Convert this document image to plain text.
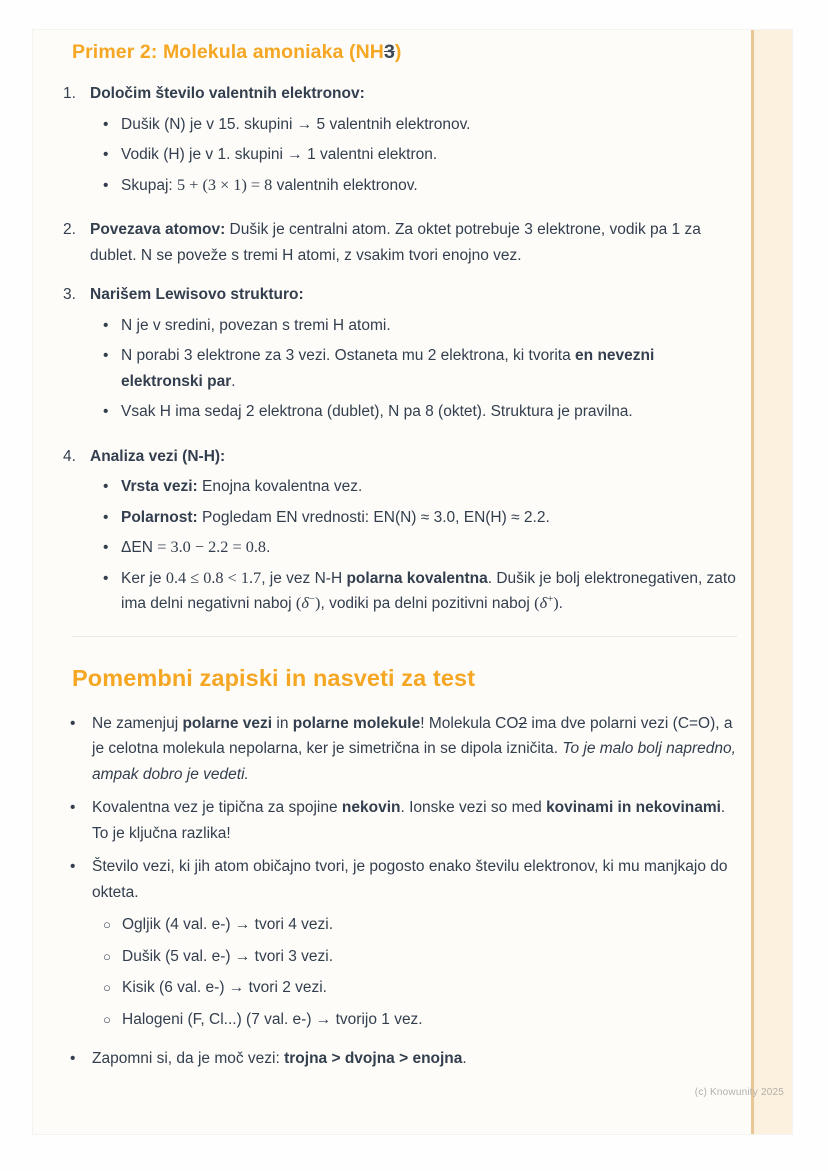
Primer 2: Molekula amoniaka (NH3)
1. Določim število valentnih elektronov:
• Dušik (N) je v 15. skupini → 5 valentnih elektronov.
• Vodik (H) je v 1. skupini → 1 valentni elektron.
• Skupaj: 5 + (3 × 1) = 8 valentnih elektronov.
2. Povezava atomov: Dušik je centralni atom. Za oktet potrebuje 3 elektrone, vodik pa 1 za dublet. N se poveže s tremi H atomi, z vsakim tvori enojno vez.
3. Narišem Lewisovo strukturo:
• N je v sredini, povezan s tremi H atomi.
• N porabi 3 elektrone za 3 vezi. Ostaneta mu 2 elektrona, ki tvorita en nevezni elektronski par.
• Vsak H ima sedaj 2 elektrona (dublet), N pa 8 (oktet). Struktura je pravilna.
4. Analiza vezi (N-H):
• Vrsta vezi: Enojna kovalentna vez.
• Polarnost: Pogledam EN vrednosti: EN(N) ≈ 3.0, EN(H) ≈ 2.2.
• ΔEN = 3.0 − 2.2 = 0.8.
• Ker je 0.4 ≤ 0.8 < 1.7, je vez N-H polarna kovalentna. Dušik je bolj elektronegativen, zato ima delni negativni naboj (δ−), vodiki pa delni pozitivni naboj (δ+).
Pomembni zapiski in nasveti za test
•	Ne zamenjuj polarne vezi in polarne molekule! Molekula CO2 ima dve polarni vezi (C=O), a je celotna molekula nepolarna, ker je simetrična in se dipola izničita. To je malo bolj napredno, ampak dobro je vedeti.
•	Kovalentna vez je tipična za spojine nekovin. Ionske vezi so med kovinami in nekovinami. To je ključna razlika!
•	Število vezi, ki jih atom običajno tvori, je pogosto enako številu elektronov, ki mu manjkajo do okteta.
○ Ogljik (4 val. e-) → tvori 4 vezi.
○ Dušik (5 val. e-) → tvori 3 vezi.
○ Kisik (6 val. e-) → tvori 2 vezi.
○ Halogeni (F, Cl...) (7 val. e-) → tvorijo 1 vez.
•	Zapomni si, da je moč vezi: trojna > dvojna > enojna.
(c) Knowunity 2025
